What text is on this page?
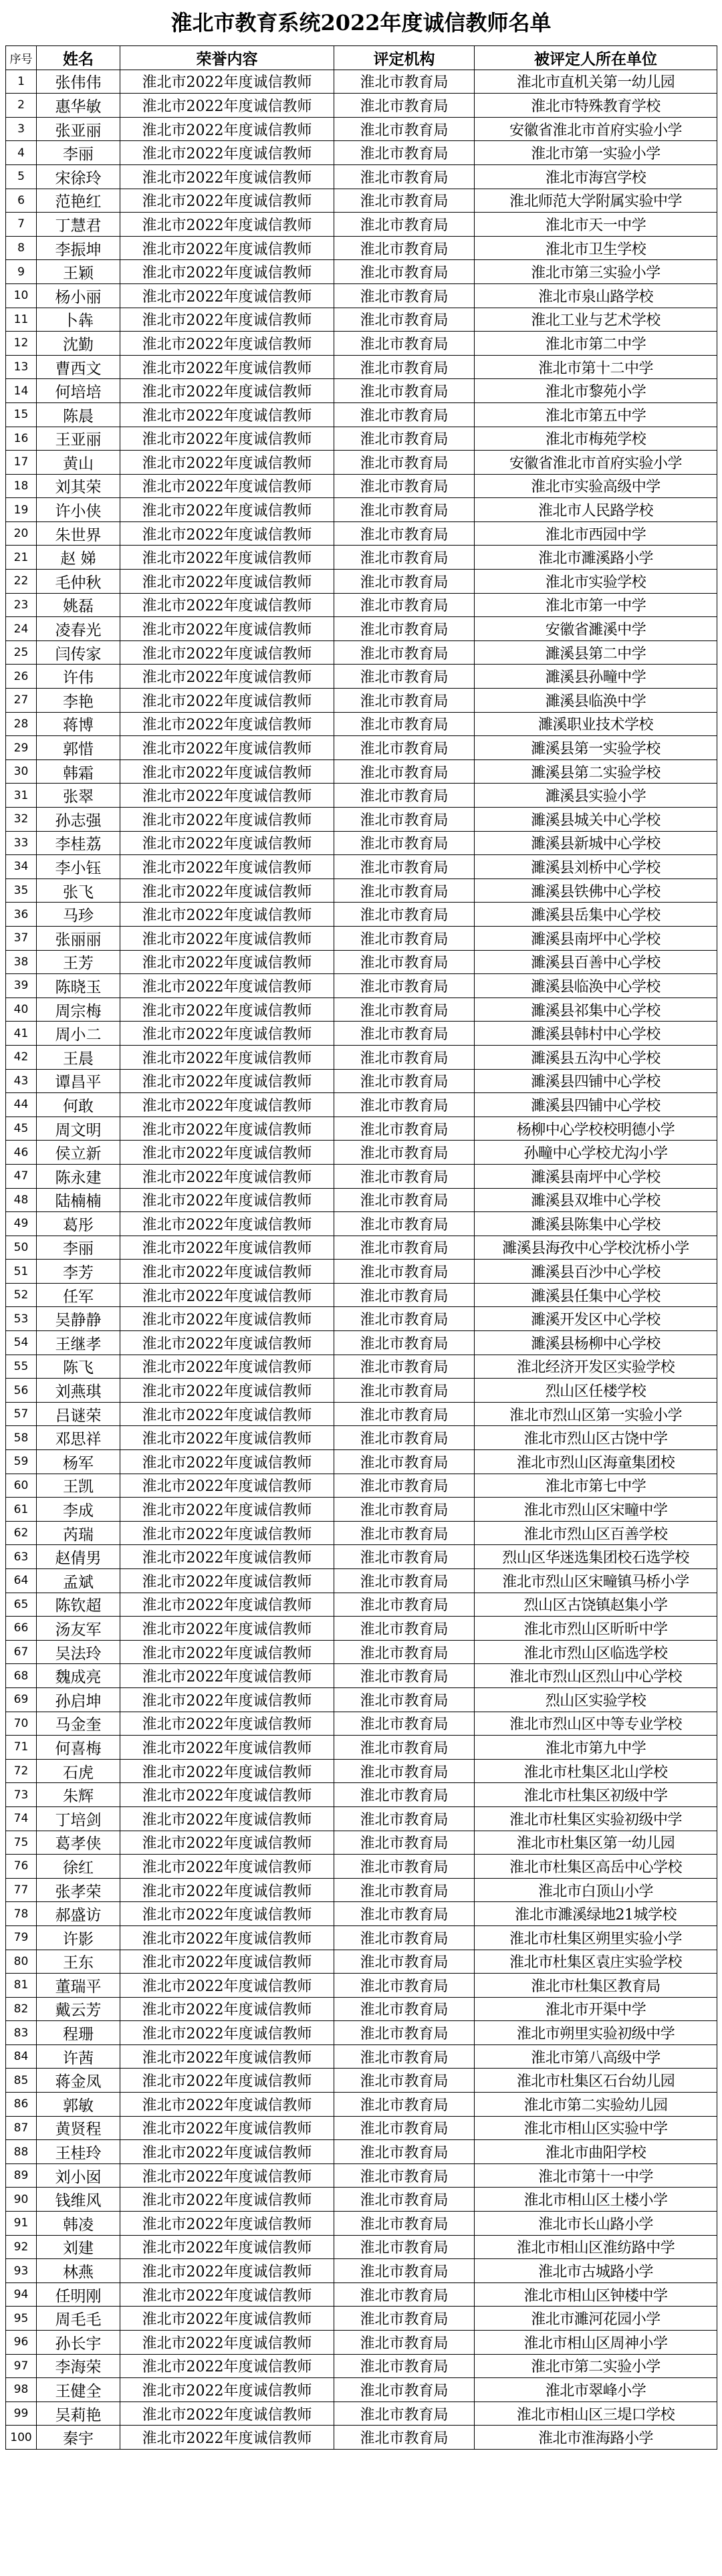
淮北市教育系统2022年度诚信教师名单
序号	姓名	荣誉内容	评定机构	被评定人所在单位
1	张伟伟	淮北市2022年度诚信教师	淮北市教育局	淮北市直机关第一幼儿园
2	惠华敏	淮北市2022年度诚信教师	淮北市教育局	淮北市特殊教育学校
3	张亚丽	淮北市2022年度诚信教师	淮北市教育局	安徽省淮北市首府实验小学
4	李丽	淮北市2022年度诚信教师	淮北市教育局	淮北市第一实验小学
5	宋徐玲	淮北市2022年度诚信教师	淮北市教育局	淮北市海宫学校
6	范艳红	淮北市2022年度诚信教师	淮北市教育局	淮北师范大学附属实验中学
7	丁慧君	淮北市2022年度诚信教师	淮北市教育局	淮北市天一中学
8	李振坤	淮北市2022年度诚信教师	淮北市教育局	淮北市卫生学校
9	王颖	淮北市2022年度诚信教师	淮北市教育局	淮北市第三实验小学
10	杨小丽	淮北市2022年度诚信教师	淮北市教育局	淮北市泉山路学校
11	卜犇	淮北市2022年度诚信教师	淮北市教育局	淮北工业与艺术学校
12	沈勤	淮北市2022年度诚信教师	淮北市教育局	淮北市第二中学
13	曹西文	淮北市2022年度诚信教师	淮北市教育局	淮北市第十二中学
14	何培培	淮北市2022年度诚信教师	淮北市教育局	淮北市黎苑小学
15	陈晨	淮北市2022年度诚信教师	淮北市教育局	淮北市第五中学
16	王亚丽	淮北市2022年度诚信教师	淮北市教育局	淮北市梅苑学校
17	黄山	淮北市2022年度诚信教师	淮北市教育局	安徽省淮北市首府实验小学
18	刘其荣	淮北市2022年度诚信教师	淮北市教育局	淮北市实验高级中学
19	许小侠	淮北市2022年度诚信教师	淮北市教育局	淮北市人民路学校
20	朱世界	淮北市2022年度诚信教师	淮北市教育局	淮北市西园中学
21	赵 娣	淮北市2022年度诚信教师	淮北市教育局	淮北市濉溪路小学
22	毛仲秋	淮北市2022年度诚信教师	淮北市教育局	淮北市实验学校
23	姚磊	淮北市2022年度诚信教师	淮北市教育局	淮北市第一中学
24	凌春光	淮北市2022年度诚信教师	淮北市教育局	安徽省濉溪中学
25	闫传家	淮北市2022年度诚信教师	淮北市教育局	濉溪县第二中学
26	许伟	淮北市2022年度诚信教师	淮北市教育局	濉溪县孙疃中学
27	李艳	淮北市2022年度诚信教师	淮北市教育局	濉溪县临涣中学
28	蒋博	淮北市2022年度诚信教师	淮北市教育局	濉溪职业技术学校
29	郭惜	淮北市2022年度诚信教师	淮北市教育局	濉溪县第一实验学校
30	韩霜	淮北市2022年度诚信教师	淮北市教育局	濉溪县第二实验学校
31	张翠	淮北市2022年度诚信教师	淮北市教育局	濉溪县实验小学
32	孙志强	淮北市2022年度诚信教师	淮北市教育局	濉溪县城关中心学校
33	李桂荔	淮北市2022年度诚信教师	淮北市教育局	濉溪县新城中心学校
34	李小钰	淮北市2022年度诚信教师	淮北市教育局	濉溪县刘桥中心学校
35	张飞	淮北市2022年度诚信教师	淮北市教育局	濉溪县铁佛中心学校
36	马珍	淮北市2022年度诚信教师	淮北市教育局	濉溪县岳集中心学校
37	张丽丽	淮北市2022年度诚信教师	淮北市教育局	濉溪县南坪中心学校
38	王芳	淮北市2022年度诚信教师	淮北市教育局	濉溪县百善中心学校
39	陈晓玉	淮北市2022年度诚信教师	淮北市教育局	濉溪县临涣中心学校
40	周宗梅	淮北市2022年度诚信教师	淮北市教育局	濉溪县祁集中心学校
41	周小二	淮北市2022年度诚信教师	淮北市教育局	濉溪县韩村中心学校
42	王晨	淮北市2022年度诚信教师	淮北市教育局	濉溪县五沟中心学校
43	谭昌平	淮北市2022年度诚信教师	淮北市教育局	濉溪县四铺中心学校
44	何敢	淮北市2022年度诚信教师	淮北市教育局	濉溪县四铺中心学校
45	周文明	淮北市2022年度诚信教师	淮北市教育局	杨柳中心学校校明德小学
46	侯立新	淮北市2022年度诚信教师	淮北市教育局	孙疃中心学校尤沟小学
47	陈永建	淮北市2022年度诚信教师	淮北市教育局	濉溪县南坪中心学校
48	陆楠楠	淮北市2022年度诚信教师	淮北市教育局	濉溪县双堆中心学校
49	葛彤	淮北市2022年度诚信教师	淮北市教育局	濉溪县陈集中心学校
50	李丽	淮北市2022年度诚信教师	淮北市教育局	濉溪县海孜中心学校沈桥小学
51	李芳	淮北市2022年度诚信教师	淮北市教育局	濉溪县百沙中心学校
52	任军	淮北市2022年度诚信教师	淮北市教育局	濉溪县任集中心学校
53	吴静静	淮北市2022年度诚信教师	淮北市教育局	濉溪开发区中心学校
54	王继孝	淮北市2022年度诚信教师	淮北市教育局	濉溪县杨柳中心学校
55	陈飞	淮北市2022年度诚信教师	淮北市教育局	淮北经济开发区实验学校
56	刘燕琪	淮北市2022年度诚信教师	淮北市教育局	烈山区任楼学校
57	吕谜荣	淮北市2022年度诚信教师	淮北市教育局	淮北市烈山区第一实验小学
58	邓思祥	淮北市2022年度诚信教师	淮北市教育局	淮北市烈山区古饶中学
59	杨军	淮北市2022年度诚信教师	淮北市教育局	淮北市烈山区海童集团校
60	王凯	淮北市2022年度诚信教师	淮北市教育局	淮北市第七中学
61	李成	淮北市2022年度诚信教师	淮北市教育局	淮北市烈山区宋疃中学
62	芮瑞	淮北市2022年度诚信教师	淮北市教育局	淮北市烈山区百善学校
63	赵倩男	淮北市2022年度诚信教师	淮北市教育局	烈山区华迷选集团校石选学校
64	孟斌	淮北市2022年度诚信教师	淮北市教育局	淮北市烈山区宋疃镇马桥小学
65	陈钦超	淮北市2022年度诚信教师	淮北市教育局	烈山区古饶镇赵集小学
66	汤友军	淮北市2022年度诚信教师	淮北市教育局	淮北市烈山区昕昕中学
67	吴法玲	淮北市2022年度诚信教师	淮北市教育局	淮北市烈山区临选学校
68	魏成亮	淮北市2022年度诚信教师	淮北市教育局	淮北市烈山区烈山中心学校
69	孙启坤	淮北市2022年度诚信教师	淮北市教育局	烈山区实验学校
70	马金奎	淮北市2022年度诚信教师	淮北市教育局	淮北市烈山区中等专业学校
71	何喜梅	淮北市2022年度诚信教师	淮北市教育局	淮北市第九中学
72	石虎	淮北市2022年度诚信教师	淮北市教育局	淮北市杜集区北山学校
73	朱辉	淮北市2022年度诚信教师	淮北市教育局	淮北市杜集区初级中学
74	丁培剑	淮北市2022年度诚信教师	淮北市教育局	淮北市杜集区实验初级中学
75	葛孝侠	淮北市2022年度诚信教师	淮北市教育局	淮北市杜集区第一幼儿园
76	徐红	淮北市2022年度诚信教师	淮北市教育局	淮北市杜集区高岳中心学校
77	张孝荣	淮北市2022年度诚信教师	淮北市教育局	淮北市白顶山小学
78	郝盛访	淮北市2022年度诚信教师	淮北市教育局	淮北市濉溪绿地21城学校
79	许影	淮北市2022年度诚信教师	淮北市教育局	淮北市杜集区朔里实验小学
80	王东	淮北市2022年度诚信教师	淮北市教育局	淮北市杜集区袁庄实验学校
81	董瑞平	淮北市2022年度诚信教师	淮北市教育局	淮北市杜集区教育局
82	戴云芳	淮北市2022年度诚信教师	淮北市教育局	淮北市开渠中学
83	程珊	淮北市2022年度诚信教师	淮北市教育局	淮北市朔里实验初级中学
84	许茜	淮北市2022年度诚信教师	淮北市教育局	淮北市第八高级中学
85	蒋金凤	淮北市2022年度诚信教师	淮北市教育局	淮北市杜集区石台幼儿园
86	郭敏	淮北市2022年度诚信教师	淮北市教育局	淮北市第二实验幼儿园
87	黄贤程	淮北市2022年度诚信教师	淮北市教育局	淮北市相山区实验中学
88	王桂玲	淮北市2022年度诚信教师	淮北市教育局	淮北市曲阳学校
89	刘小囡	淮北市2022年度诚信教师	淮北市教育局	淮北市第十一中学
90	钱维风	淮北市2022年度诚信教师	淮北市教育局	淮北市相山区土楼小学
91	韩凌	淮北市2022年度诚信教师	淮北市教育局	淮北市长山路小学
92	刘建	淮北市2022年度诚信教师	淮北市教育局	淮北市相山区淮纺路中学
93	林燕	淮北市2022年度诚信教师	淮北市教育局	淮北市古城路小学
94	任明刚	淮北市2022年度诚信教师	淮北市教育局	淮北市相山区钟楼中学
95	周毛毛	淮北市2022年度诚信教师	淮北市教育局	淮北市濉河花园小学
96	孙长宇	淮北市2022年度诚信教师	淮北市教育局	淮北市相山区周神小学
97	李海荣	淮北市2022年度诚信教师	淮北市教育局	淮北市第二实验小学
98	王健全	淮北市2022年度诚信教师	淮北市教育局	淮北市翠峰小学
99	吴莉艳	淮北市2022年度诚信教师	淮北市教育局	淮北市相山区三堤口学校
100	秦宇	淮北市2022年度诚信教师	淮北市教育局	淮北市淮海路小学
